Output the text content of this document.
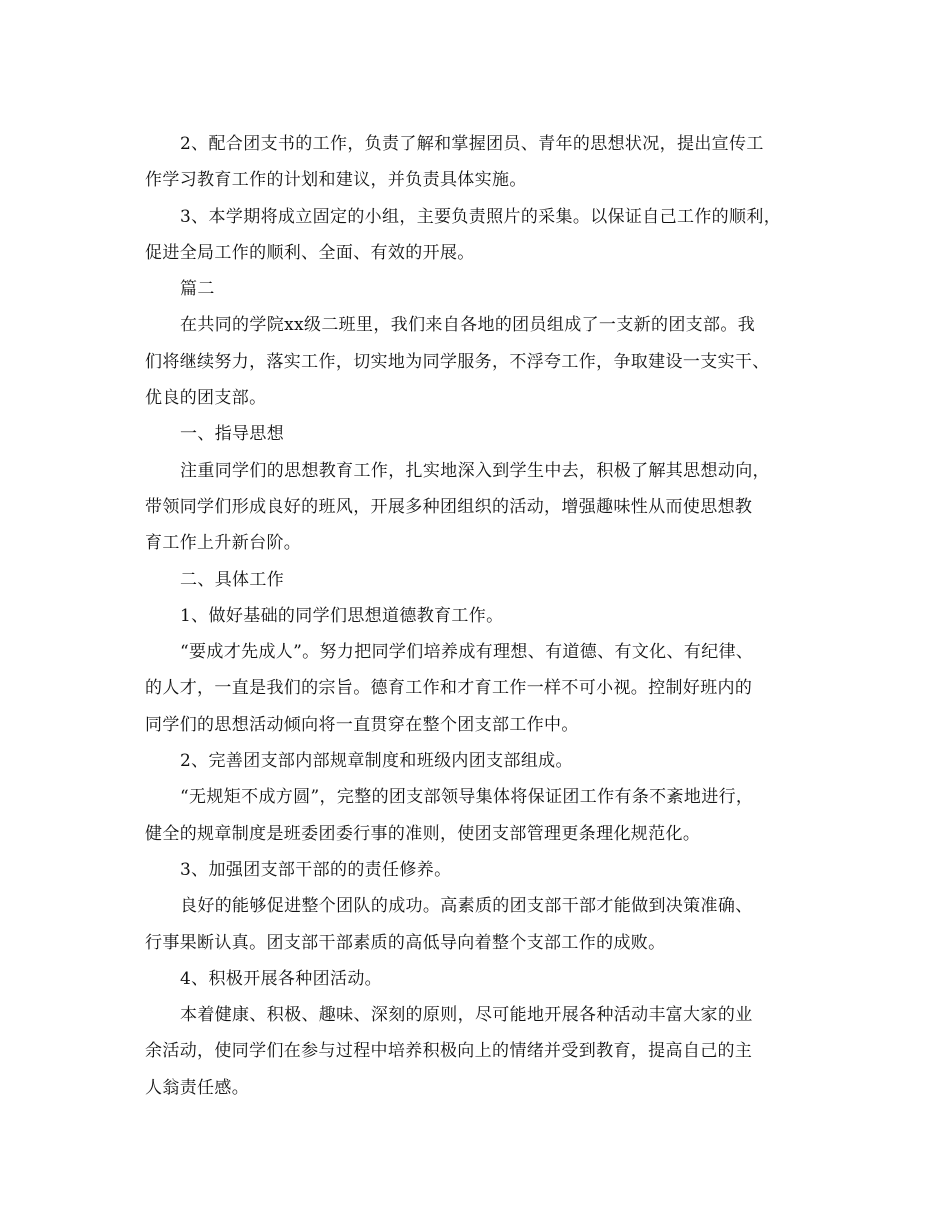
2、配合团支书的工作，负责了解和掌握团员、青年的思想状况，提出宣传工
作学习教育工作的计划和建议，并负责具体实施。
3、本学期将成立固定的小组，主要负责照片的采集。以保证自己工作的顺利，
促进全局工作的顺利、全面、有效的开展。
篇二
在共同的学院xx级二班里，我们来自各地的团员组成了一支新的团支部。我
们将继续努力，落实工作，切实地为同学服务，不浮夸工作，争取建设一支实干、
优良的团支部。
一、指导思想
注重同学们的思想教育工作，扎实地深入到学生中去，积极了解其思想动向，
带领同学们形成良好的班风，开展多种团组织的活动，增强趣味性从而使思想教
育工作上升新台阶。
二、具体工作
1、做好基础的同学们思想道德教育工作。
“要成才先成人”。努力把同学们培养成有理想、有道德、有文化、有纪律、
的人才，一直是我们的宗旨。德育工作和才育工作一样不可小视。控制好班内的
同学们的思想活动倾向将一直贯穿在整个团支部工作中。
2、完善团支部内部规章制度和班级内团支部组成。
“无规矩不成方圆”，完整的团支部领导集体将保证团工作有条不紊地进行，
健全的规章制度是班委团委行事的准则，使团支部管理更条理化规范化。
3、加强团支部干部的的责任修养。
良好的能够促进整个团队的成功。高素质的团支部干部才能做到决策准确、
行事果断认真。团支部干部素质的高低导向着整个支部工作的成败。
4、积极开展各种团活动。
本着健康、积极、趣味、深刻的原则，尽可能地开展各种活动丰富大家的业
余活动，使同学们在参与过程中培养积极向上的情绪并受到教育，提高自己的主
人翁责任感。
